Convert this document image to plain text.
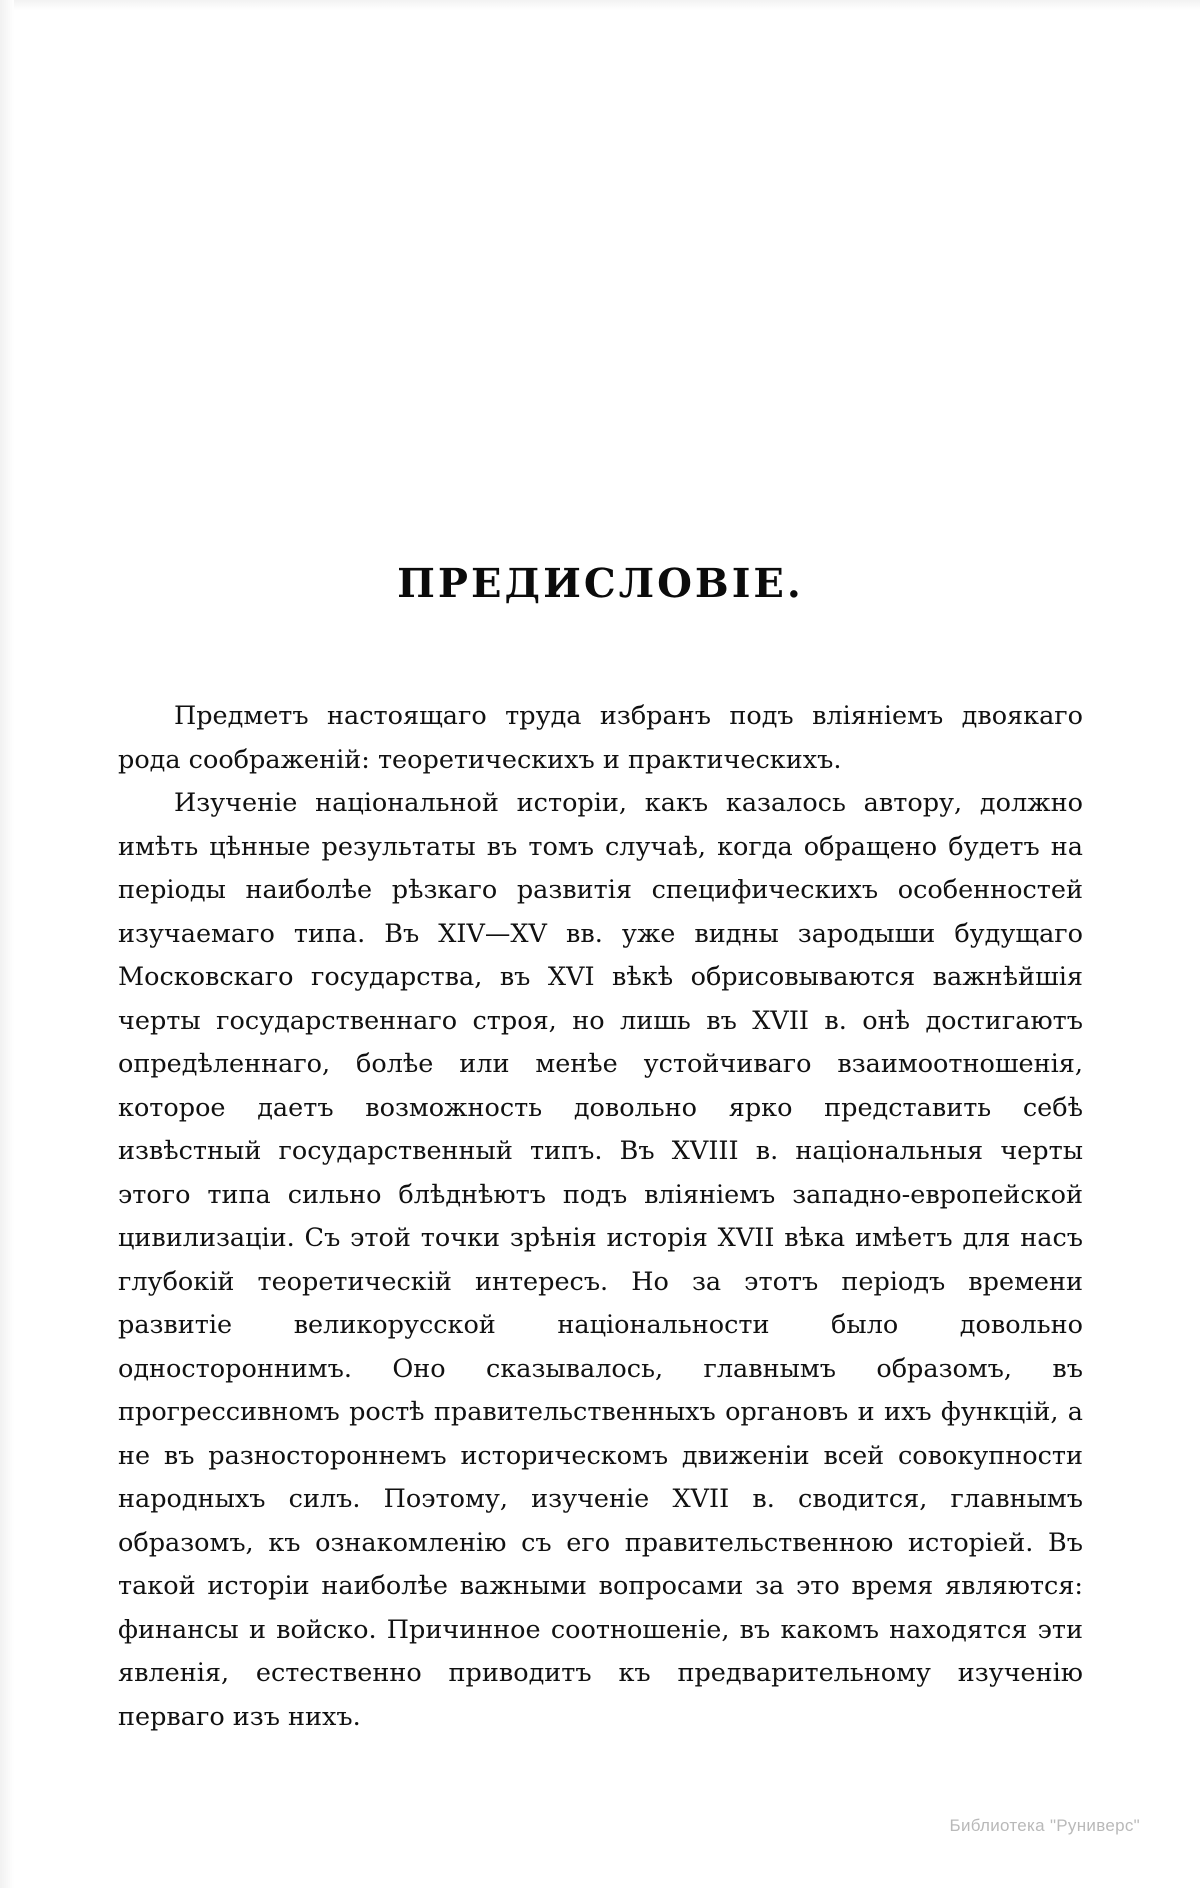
ПРЕДИСЛОВІЕ.

Предметъ настоящаго труда избранъ подъ вліяніемъ двоякаго рода соображеній: теоретическихъ и практическихъ.

Изученіе національной исторіи, какъ казалось автору, должно имѣть цѣнные результаты въ томъ случаѣ, когда обращено будетъ на періоды наиболѣе рѣзкаго развитія специфическихъ особенностей изучаемаго типа. Въ XIV—XV вв. уже видны зародыши будущаго Московскаго государства, въ XVI вѣкѣ обрисовываются важнѣйшія черты государственнаго строя, но лишь въ XVII в. онѣ достигаютъ опредѣленнаго, болѣе или менѣе устойчиваго взаимоотношенія, которое даетъ возможность довольно ярко представить себѣ извѣстный государственный типъ. Въ XVIII в. національныя черты этого типа сильно блѣднѣютъ подъ вліяніемъ западно-европейской цивилизаціи. Съ этой точки зрѣнія исторія XVII вѣка имѣетъ для насъ глубокій теоретическій интересъ. Но за этотъ періодъ времени развитіе великорусской національности было довольно одностороннимъ. Оно сказывалось, главнымъ образомъ, въ прогрессивномъ ростѣ правительственныхъ органовъ и ихъ функцій, а не въ разностороннемъ историческомъ движеніи всей совокупности народныхъ силъ. Поэтому, изученіе XVII в. сводится, главнымъ образомъ, къ ознакомленію съ его правительственною исторіей. Въ такой исторіи наиболѣе важными вопросами за это время являются: финансы и войско. Причинное соотношеніе, въ какомъ находятся эти явленія, естественно приводитъ къ предварительному изученію перваго изъ нихъ.

Библиотека "Руниверс"
